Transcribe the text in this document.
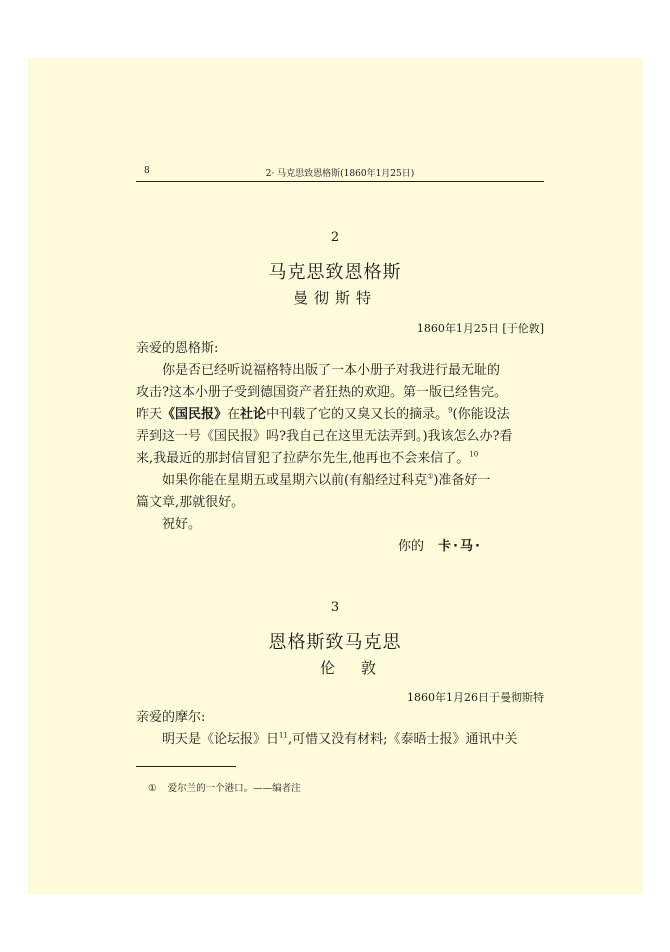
8	2· 马克思致恩格斯(1860年1月25日)
2
马克思致恩格斯
曼彻斯特
1860年1月25日 [于伦敦]
亲爱的恩格斯:
你是否已经听说福格特出版了一本小册子对我进行最无耻的
攻击?这本小册子受到德国资产者狂热的欢迎。第一版已经售完。
昨天《国民报》在社论中刊载了它的又臭又长的摘录。$^9$(你能设法
弄到这一号《国民报》吗?我自己在这里无法弄到。)我该怎么办?看
来,我最近的那封信冒犯了拉萨尔先生,他再也不会来信了。$^{10}$
如果你能在星期五或星期六以前(有船经过科克①)准备好一
篇文章,那就很好。
祝好。
你的 卡·马·
3
恩格斯致马克思
伦敦
1860年1月26日于曼彻斯特
亲爱的摩尔:
明天是《论坛报》日$^{11}$,可惜又没有材料;《泰晤士报》通讯中关
① 爱尔兰的一个港口。——编者注
